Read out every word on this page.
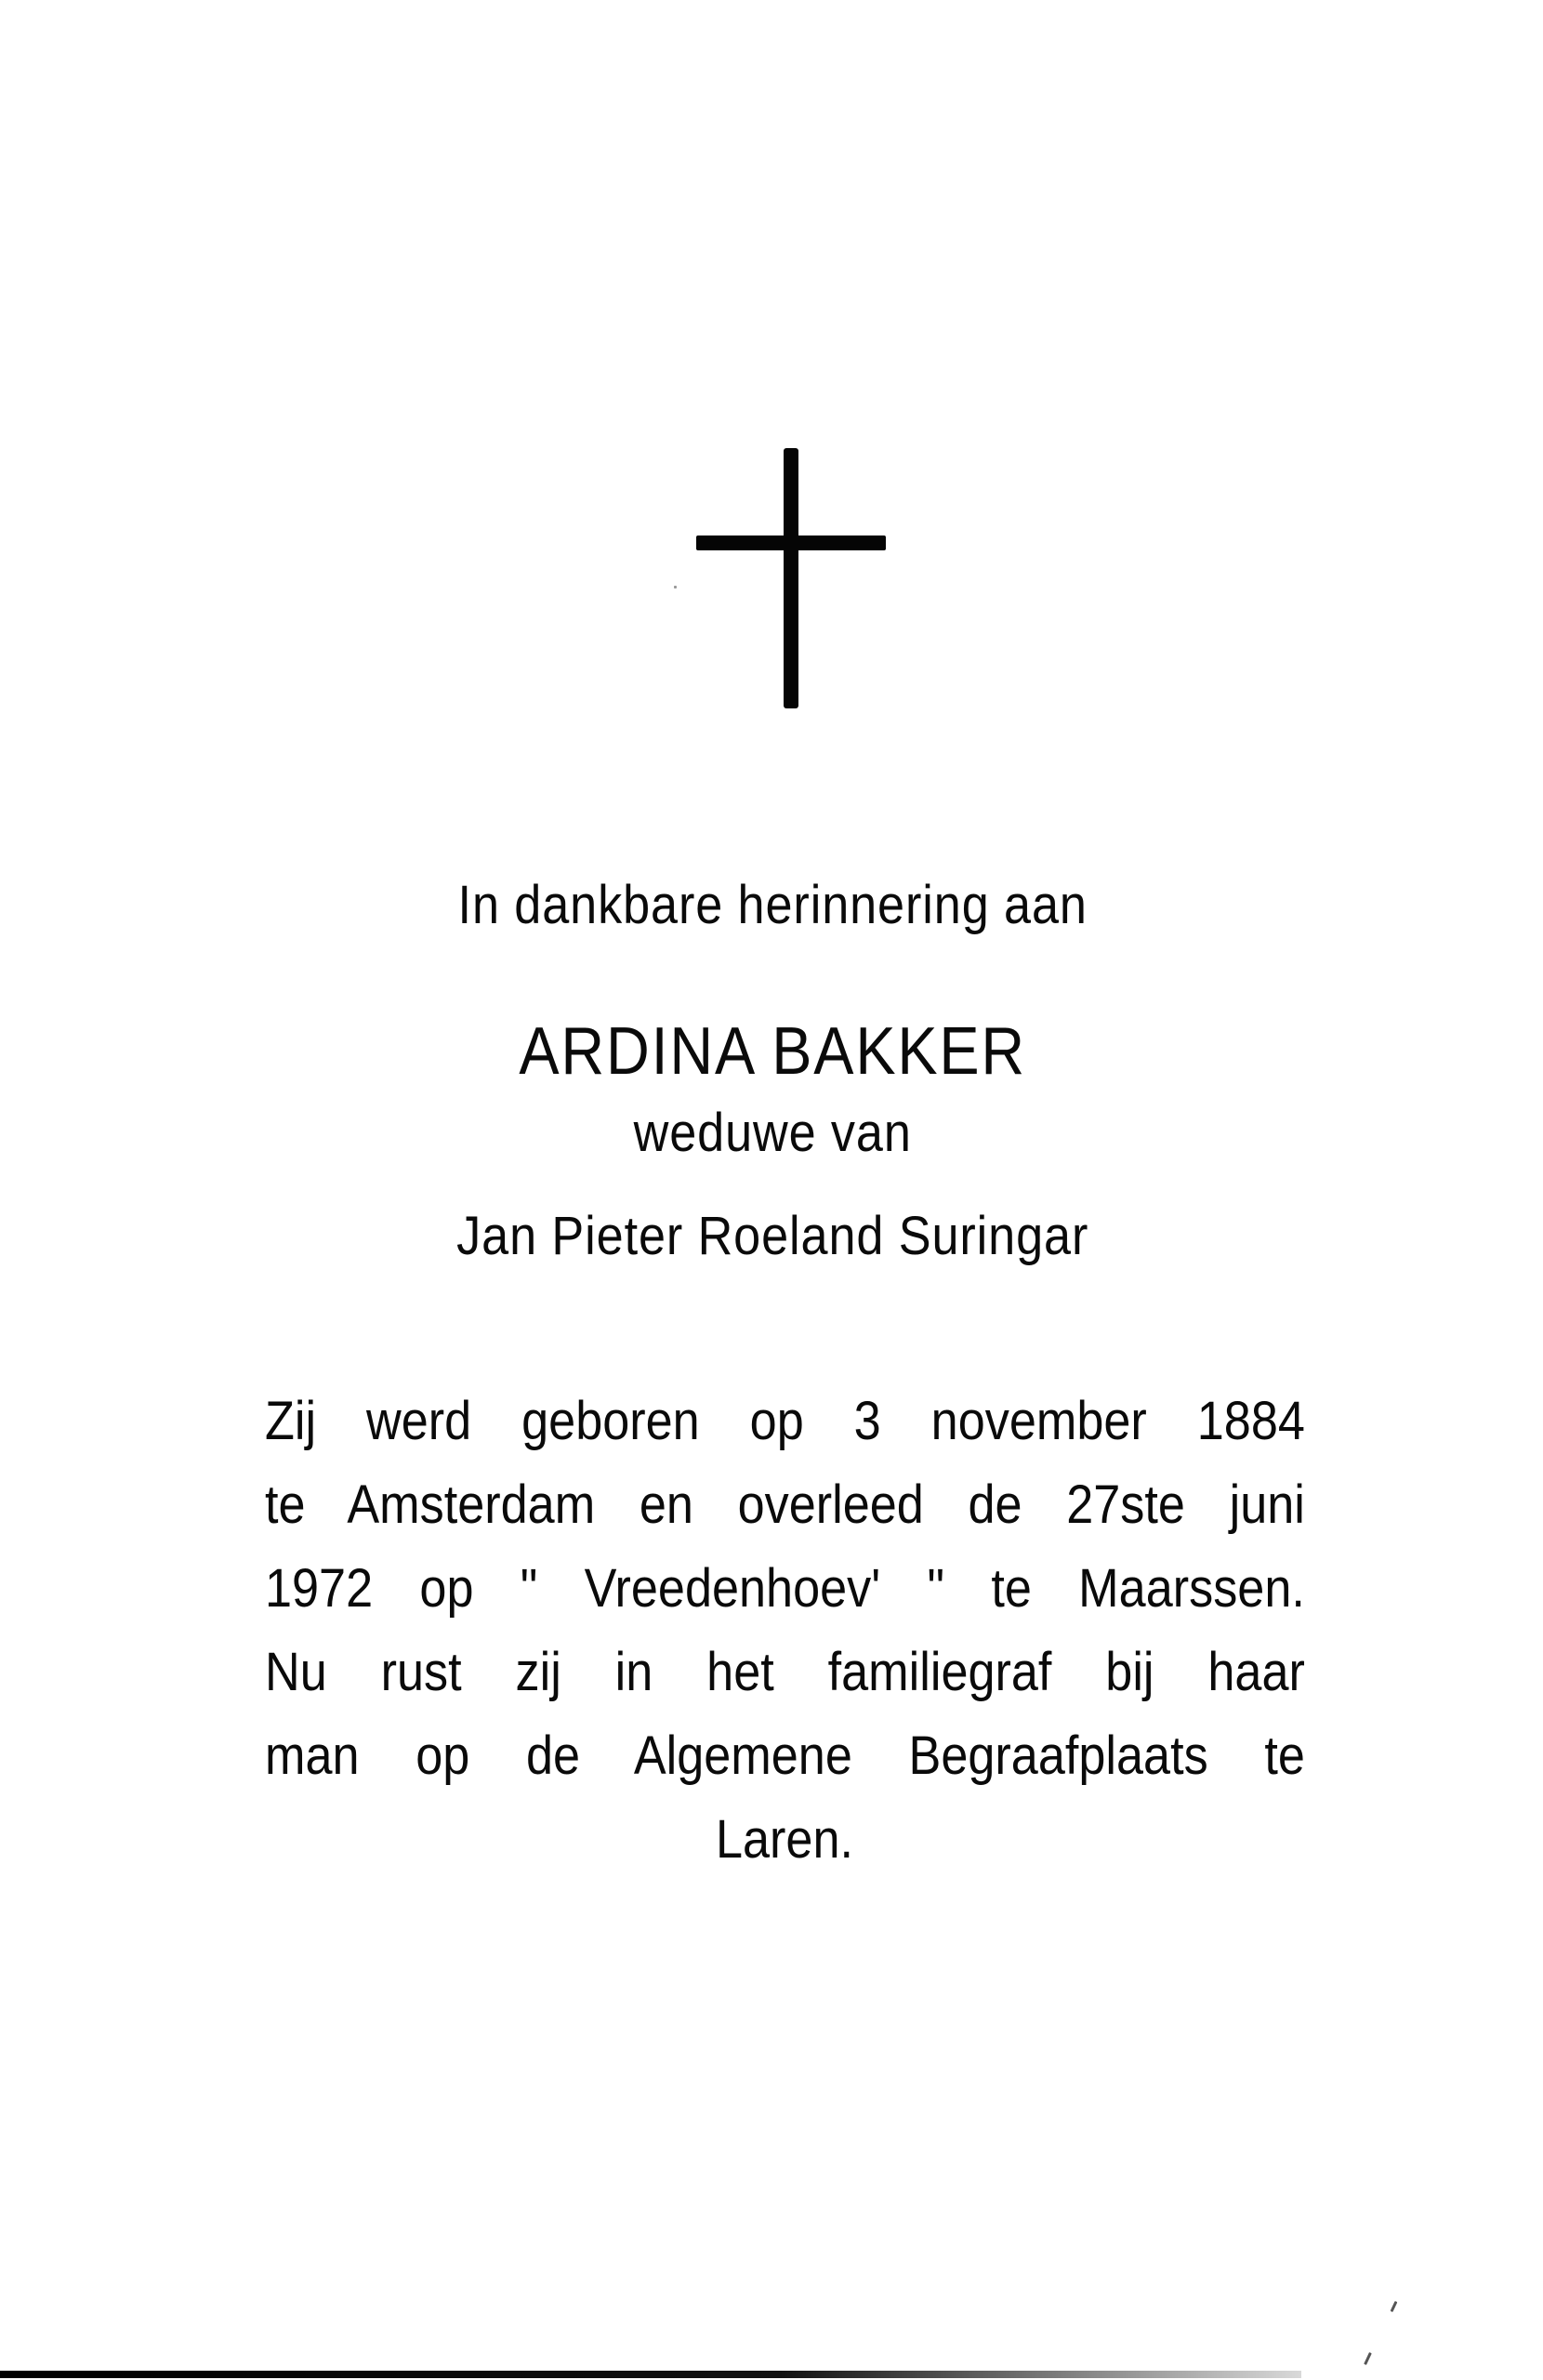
In dankbare herinnering aan
ARDINA BAKKER
weduwe van
Jan Pieter Roeland Suringar
Zij werd geboren op 3 november 1884
te Amsterdam en overleed de 27ste juni
1972 op " Vreedenhoev' " te Maarssen.
Nu rust zij in het familiegraf bij haar
man op de Algemene Begraafplaats te
Laren.
